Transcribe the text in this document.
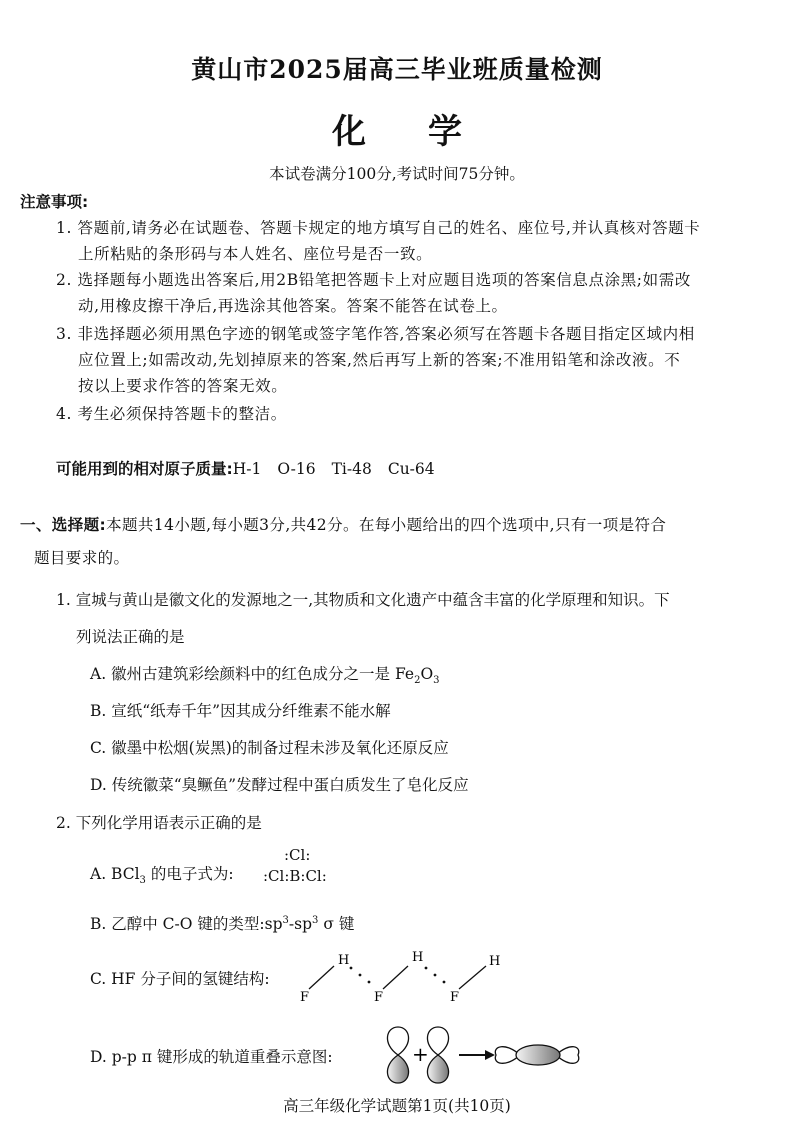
黄山市2025届高三毕业班质量检测
化 学
本试卷满分100分,考试时间75分钟。
注意事项:
1. 答题前,请务必在试题卷、答题卡规定的地方填写自己的姓名、座位号,并认真核对答题卡
上所粘贴的条形码与本人姓名、座位号是否一致。
2. 选择题每小题选出答案后,用2B铅笔把答题卡上对应题目选项的答案信息点涂黑;如需改
动,用橡皮擦干净后,再选涂其他答案。答案不能答在试卷上。
3. 非选择题必须用黑色字迹的钢笔或签字笔作答,答案必须写在答题卡各题目指定区域内相
应位置上;如需改动,先划掉原来的答案,然后再写上新的答案;不准用铅笔和涂改液。不
按以上要求作答的答案无效。
4. 考生必须保持答题卡的整洁。
可能用到的相对原子质量:H-1 O-16 Ti-48 Cu-64
一、选择题:本题共14小题,每小题3分,共42分。在每小题给出的四个选项中,只有一项是符合
题目要求的。
1. 宣城与黄山是徽文化的发源地之一,其物质和文化遗产中蕴含丰富的化学原理和知识。下
列说法正确的是
A. 徽州古建筑彩绘颜料中的红色成分之一是 $Fe_2O_3$
B. 宣纸“纸寿千年”因其成分纤维素不能水解
C. 徽墨中松烟(炭黑)的制备过程未涉及氧化还原反应
D. 传统徽菜“臭鳜鱼”发酵过程中蛋白质发生了皂化反应
2. 下列化学用语表示正确的是
A. BCl$_3$ 的电子式为:
:Cl:
:Cl:B:Cl:
B. 乙醇中 C-O 键的类型$:sp^3-sp^3$ σ 键
C. HF 分子间的氢键结构:
H	H	H
F	F	F
D. p-p π 键形成的轨道重叠示意图:	+
高三年级化学试题第1页(共10页)
